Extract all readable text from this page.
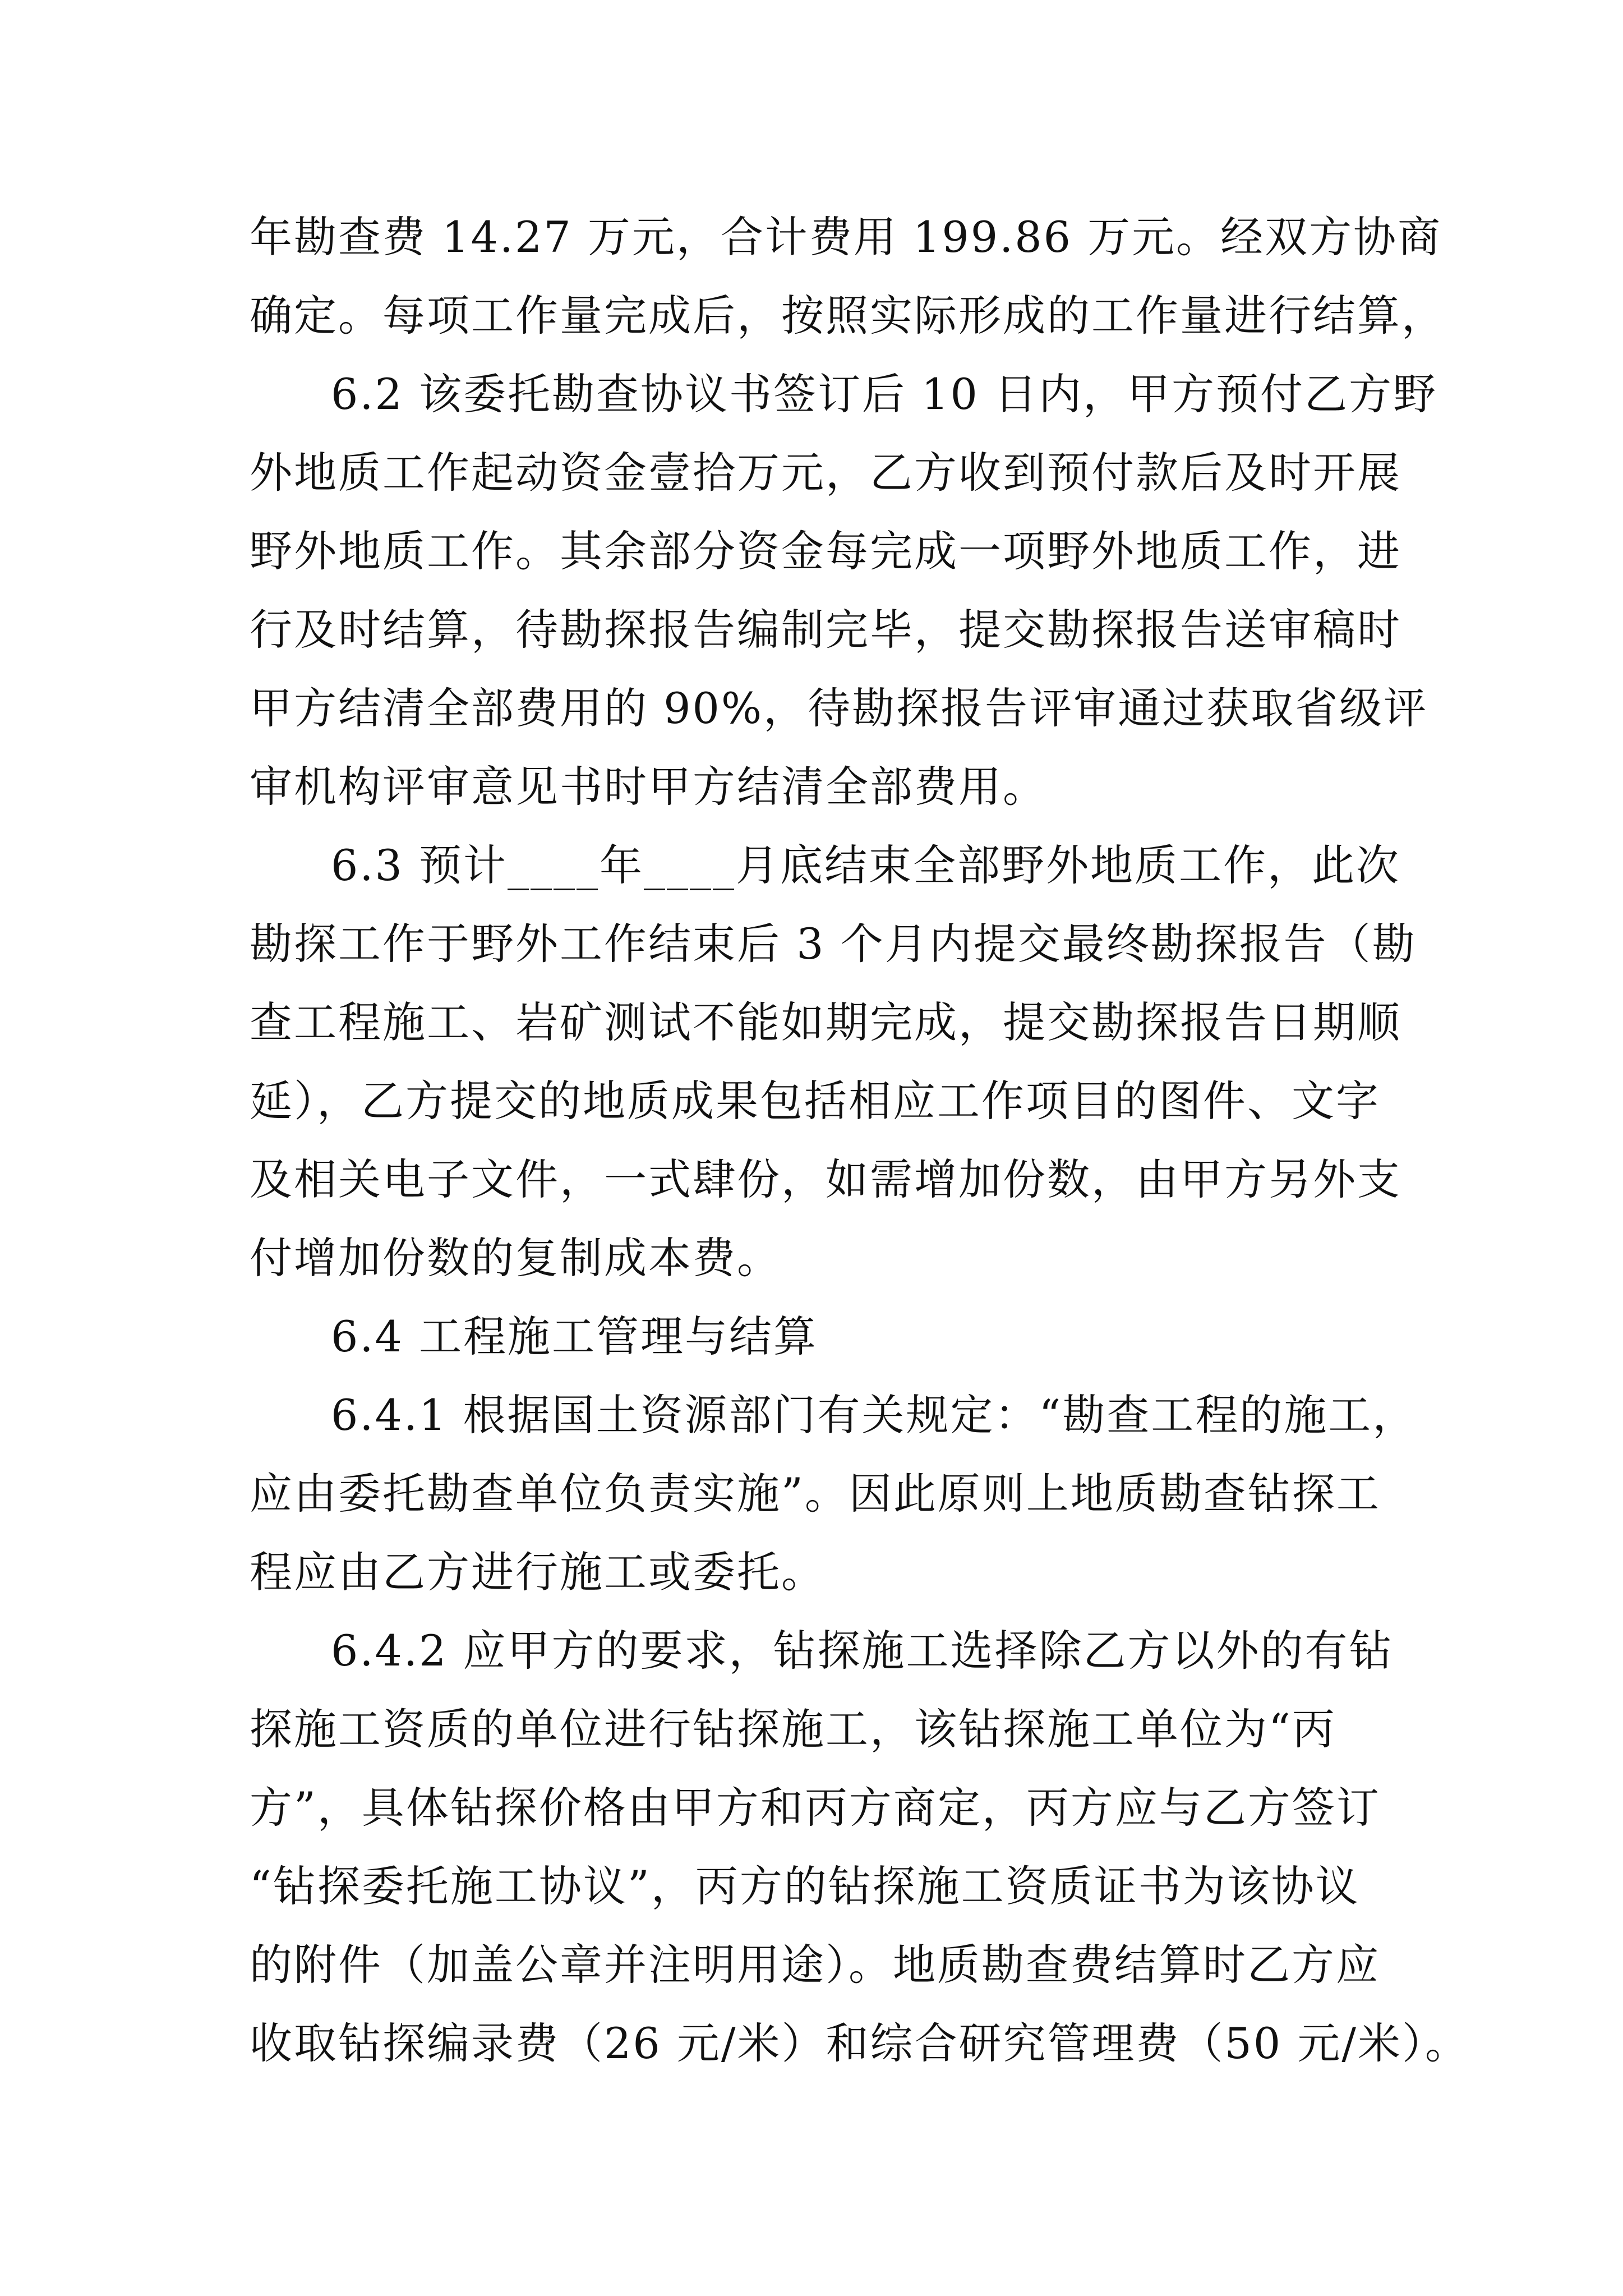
年勘查费 14.27 万元，合计费用 199.86 万元。经双方协商

确定。每项工作量完成后，按照实际形成的工作量进行结算，

6.2 该委托勘查协议书签订后 10 日内，甲方预付乙方野

外地质工作起动资金壹拾万元，乙方收到预付款后及时开展

野外地质工作。其余部分资金每完成一项野外地质工作，进

行及时结算，待勘探报告编制完毕，提交勘探报告送审稿时

甲方结清全部费用的 90%，待勘探报告评审通过获取省级评

审机构评审意见书时甲方结清全部费用。

6.3 预计____年____月底结束全部野外地质工作，此次

勘探工作于野外工作结束后 3 个月内提交最终勘探报告（勘

查工程施工、岩矿测试不能如期完成，提交勘探报告日期顺

延），乙方提交的地质成果包括相应工作项目的图件、文字

及相关电子文件，一式肆份，如需增加份数，由甲方另外支

付增加份数的复制成本费。

6.4 工程施工管理与结算

6.4.1 根据国土资源部门有关规定：“勘查工程的施工，

应由委托勘查单位负责实施”。因此原则上地质勘查钻探工

程应由乙方进行施工或委托。

6.4.2 应甲方的要求，钻探施工选择除乙方以外的有钻

探施工资质的单位进行钻探施工，该钻探施工单位为“丙

方”，具体钻探价格由甲方和丙方商定，丙方应与乙方签订

“钻探委托施工协议”，丙方的钻探施工资质证书为该协议

的附件（加盖公章并注明用途）。地质勘查费结算时乙方应

收取钻探编录费（26 元/米）和综合研究管理费（50 元/米）。
